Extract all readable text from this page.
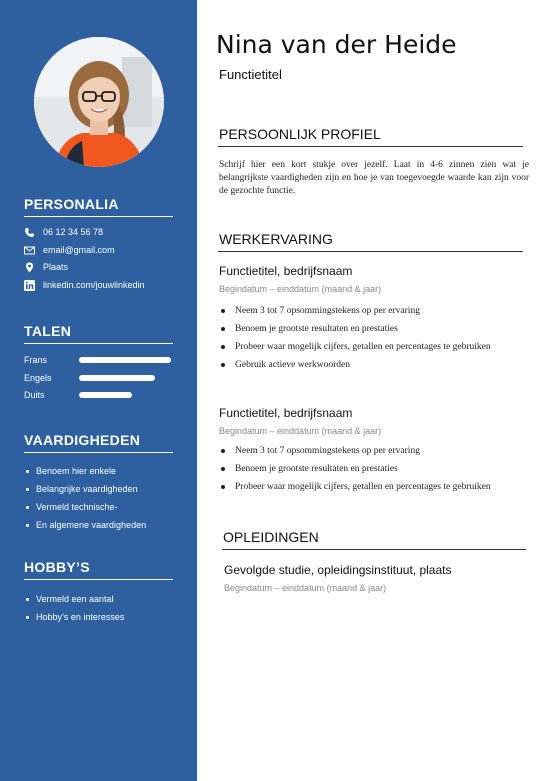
PERSONALIA
06 12 34 56 78
email@gmail.com
Plaats
linkedin.com/jouwlinkedin
TALEN
Frans
Engels
Duits
VAARDIGHEDEN
Benoem hier enkele
Belangrijke vaardigheden
Vermeld technische-
En algemene vaardigheden
HOBBY’S
Vermeld een aantal
Hobby’s en interesses
Nina van der Heide
Functietitel
PERSOONLIJK PROFIEL

Schrijf hier een kort stukje over jezelf. Laat in 4-6 zinnen zien wat je belangrijkste vaardigheden zijn en hoe je van toegevoegde waarde kan zijn voor de gezochte functie.

WERKERVARING
Functietitel, bedrijfsnaam
Begindatum – einddatum (maand & jaar)
Neem 3 tot 7 opsommingstekens op per ervaring
Benoem je grootste resultaten en prestaties
Probeer waar mogelijk cijfers, getallen en percentages te gebruiken
Gebruik actieve werkwoorden
Functietitel, bedrijfsnaam
Begindatum – einddatum (maand & jaar)
Neem 3 tot 7 opsommingstekens op per ervaring
Benoem je grootste resultaten en prestaties
Probeer waar mogelijk cijfers, getallen en percentages te gebruiken
OPLEIDINGEN
Gevolgde studie, opleidingsinstituut, plaats
Begindatum – einddatum (maand & jaar)
